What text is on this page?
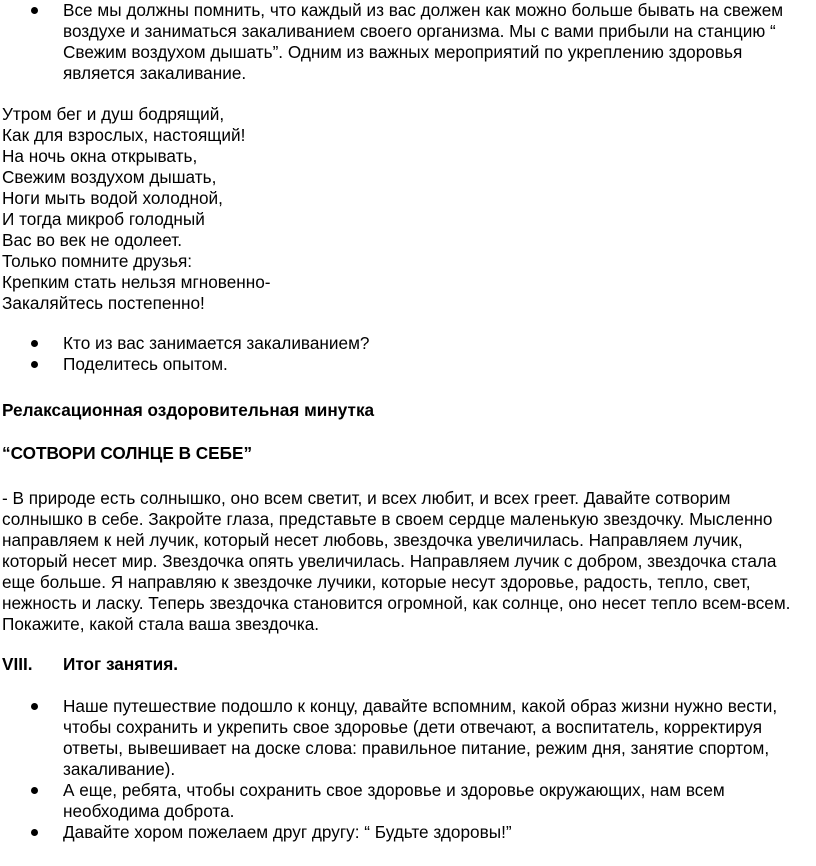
Все мы должны помнить, что каждый из вас должен как можно больше бывать на свежем воздухе и заниматься закаливанием своего организма. Мы с вами прибыли на станцию “ Свежим воздухом дышать”. Одним из важных мероприятий по укреплению здоровья является закаливание.
Утром бег и душ бодрящий,
Как для взрослых, настоящий!
На ночь окна открывать,
Свежим воздухом дышать,
Ноги мыть водой холодной,
И тогда микроб голодный
Вас во век не одолеет.
Только помните друзья:
Крепким стать нельзя мгновенно-
Закаляйтесь постепенно!
Кто из вас занимается закаливанием?
Поделитесь опытом.
Релаксационная оздоровительная минутка
“СОТВОРИ СОЛНЦЕ В СЕБЕ”
- В природе есть солнышко, оно всем светит, и всех любит, и всех греет. Давайте сотворим солнышко в себе. Закройте глаза, представьте в своем сердце маленькую звездочку. Мысленно направляем к ней лучик, который несет любовь, звездочка увеличилась. Направляем лучик, который несет мир. Звездочка опять увеличилась. Направляем лучик с добром, звездочка стала еще больше. Я направляю к звездочке лучики, которые несут здоровье, радость, тепло, свет, нежность и ласку. Теперь звездочка становится огромной, как солнце, оно несет тепло всем-всем. Покажите, какой стала ваша звездочка.
VIII. Итог занятия.
Наше путешествие подошло к концу, давайте вспомним, какой образ жизни нужно вести, чтобы сохранить и укрепить свое здоровье (дети отвечают, а воспитатель, корректируя ответы, вывешивает на доске слова: правильное питание, режим дня, занятие спортом, закаливание).
А еще, ребята, чтобы сохранить свое здоровье и здоровье окружающих, нам всем необходима доброта.
Давайте хором пожелаем друг другу: “ Будьте здоровы!”
